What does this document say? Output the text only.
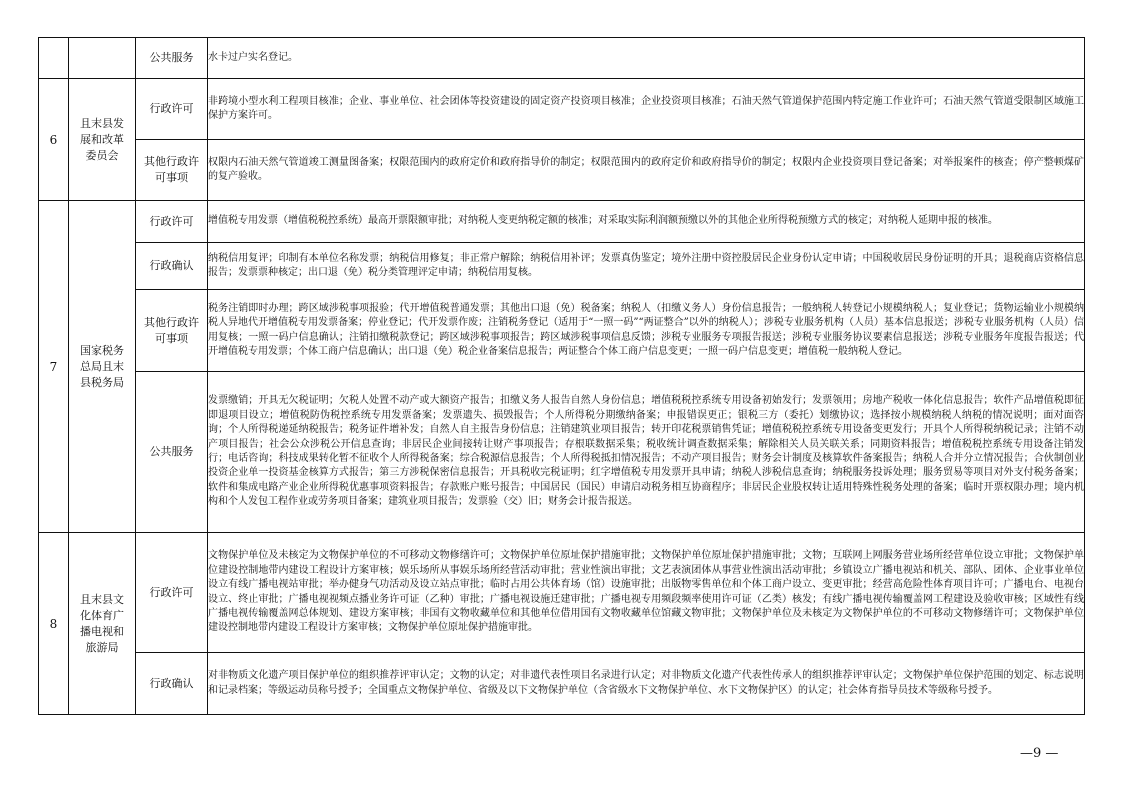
		公共服务	水卡过户实名登记。
6	且末县发展和改革委员会	行政许可	非跨境小型水利工程项目核准；企业、事业单位、社会团体等投资建设的固定资产投资项目核准；企业投资项目核准；石油天然气管道保护范围内特定施工作业许可；石油天然气管道受限制区域施工保护方案许可。

		其他行政许可事项	权限内石油天然气管道竣工测量图备案；权限范围内的政府定价和政府指导价的制定；权限范围内的政府定价和政府指导价的制定；权限内企业投资项目登记备案；对举报案件的核查；停产整顿煤矿的复产验收。
7	国家税务总局且末县税务局	行政许可	增值税专用发票（增值税税控系统）最高开票限额审批；对纳税人变更纳税定额的核准；对采取实际利润额预缴以外的其他企业所得税预缴方式的核定；对纳税人延期申报的核准。

		行政确认	纳税信用复评；印制有本单位名称发票；纳税信用修复；非正常户解除；纳税信用补评；发票真伪鉴定；境外注册中资控股居民企业身份认定申请；中国税收居民身份证明的开具；退税商店资格信息报告；发票票种核定；出口退（免）税分类管理评定申请；纳税信用复核。

		其他行政许可事项	税务注销即时办理；跨区域涉税事项报验；代开增值税普通发票；其他出口退（免）税备案；纳税人（扣缴义务人）身份信息报告；一般纳税人转登记小规模纳税人；复业登记；货物运输业小规模纳税人异地代开增值税专用发票备案；停业登记；代开发票作废；注销税务登记（适用于“一照一码”“两证整合”以外的纳税人）；涉税专业服务机构（人员）基本信息报送；涉税专业服务机构（人员）信用复核；一照一码户信息确认；注销扣缴税款登记；跨区域涉税事项报告；跨区域涉税事项信息反馈；涉税专业服务专项报告报送；涉税专业服务协议要素信息报送；涉税专业服务年度报告报送；代开增值税专用发票；个体工商户信息确认；出口退（免）税企业备案信息报告；两证整合个体工商户信息变更；一照一码户信息变更；增值税一般纳税人登记。

		公共服务	发票缴销；开具无欠税证明；欠税人处置不动产或大额资产报告；扣缴义务人报告自然人身份信息；增值税税控系统专用设备初始发行；发票领用；房地产税收一体化信息报告；软件产品增值税即征即退项目设立；增值税防伪税控系统专用发票备案；发票遗失、损毁报告；个人所得税分期缴纳备案；申报错误更正；银税三方（委托）划缴协议；选择按小规模纳税人纳税的情况说明；面对面咨询；个人所得税递延纳税报告；税务证件增补发；自然人自主报告身份信息；注销建筑业项目报告；转开印花税票销售凭证；增值税税控系统专用设备变更发行；开具个人所得税纳税记录；注销不动产项目报告；社会公众涉税公开信息查询；非居民企业间接转让财产事项报告；存根联数据采集；税收统计调查数据采集；解除相关人员关联关系；同期资料报告；增值税税控系统专用设备注销发行；电话咨询；科技成果转化暂不征收个人所得税备案；综合税源信息报告；个人所得税抵扣情况报告；不动产项目报告；财务会计制度及核算软件备案报告；纳税人合并分立情况报告；合伙制创业投资企业单一投资基金核算方式报告；第三方涉税保密信息报告；开具税收完税证明；红字增值税专用发票开具申请；纳税人涉税信息查询；纳税服务投诉处理；服务贸易等项目对外支付税务备案；软件和集成电路产业企业所得税优惠事项资料报告；存款账户账号报告；中国居民（国民）申请启动税务相互协商程序；非居民企业股权转让适用特殊性税务处理的备案；临时开票权限办理；境内机构和个人发包工程作业或劳务项目备案；建筑业项目报告；发票验（交）旧；财务会计报告报送。
8	且末县文化体育广播电视和旅游局	行政许可	文物保护单位及未核定为文物保护单位的不可移动文物修缮许可；文物保护单位原址保护措施审批；文物保护单位原址保护措施审批；文物；互联网上网服务营业场所经营单位设立审批；文物保护单位建设控制地带内建设工程设计方案审核；娱乐场所从事娱乐场所经营活动审批；营业性演出审批；文艺表演团体从事营业性演出活动审批；乡镇设立广播电视站和机关、部队、团体、企业事业单位设立有线广播电视站审批；举办健身气功活动及设立站点审批；临时占用公共体育场（馆）设施审批；出版物零售单位和个体工商户设立、变更审批；经营高危险性体育项目许可；广播电台、电视台设立、终止审批；广播电视视频点播业务许可证（乙种）审批；广播电视设施迁建审批；广播电视专用频段频率使用许可证（乙类）核发；有线广播电视传输覆盖网工程建设及验收审核；区域性有线广播电视传输覆盖网总体规划、建设方案审核；非国有文物收藏单位和其他单位借用国有文物收藏单位馆藏文物审批；文物保护单位及未核定为文物保护单位的不可移动文物修缮许可；文物保护单位建设控制地带内建设工程设计方案审核；文物保护单位原址保护措施审批。

		行政确认	对非物质文化遗产项目保护单位的组织推荐评审认定；文物的认定；对非遗代表性项目名录进行认定；对非物质文化遗产代表性传承人的组织推荐评审认定；文物保护单位保护范围的划定、标志说明和记录档案；等级运动员称号授予；全国重点文物保护单位、省级及以下文物保护单位（含省级水下文物保护单位、水下文物保护区）的认定；社会体育指导员技术等级称号授予。
—9 —
